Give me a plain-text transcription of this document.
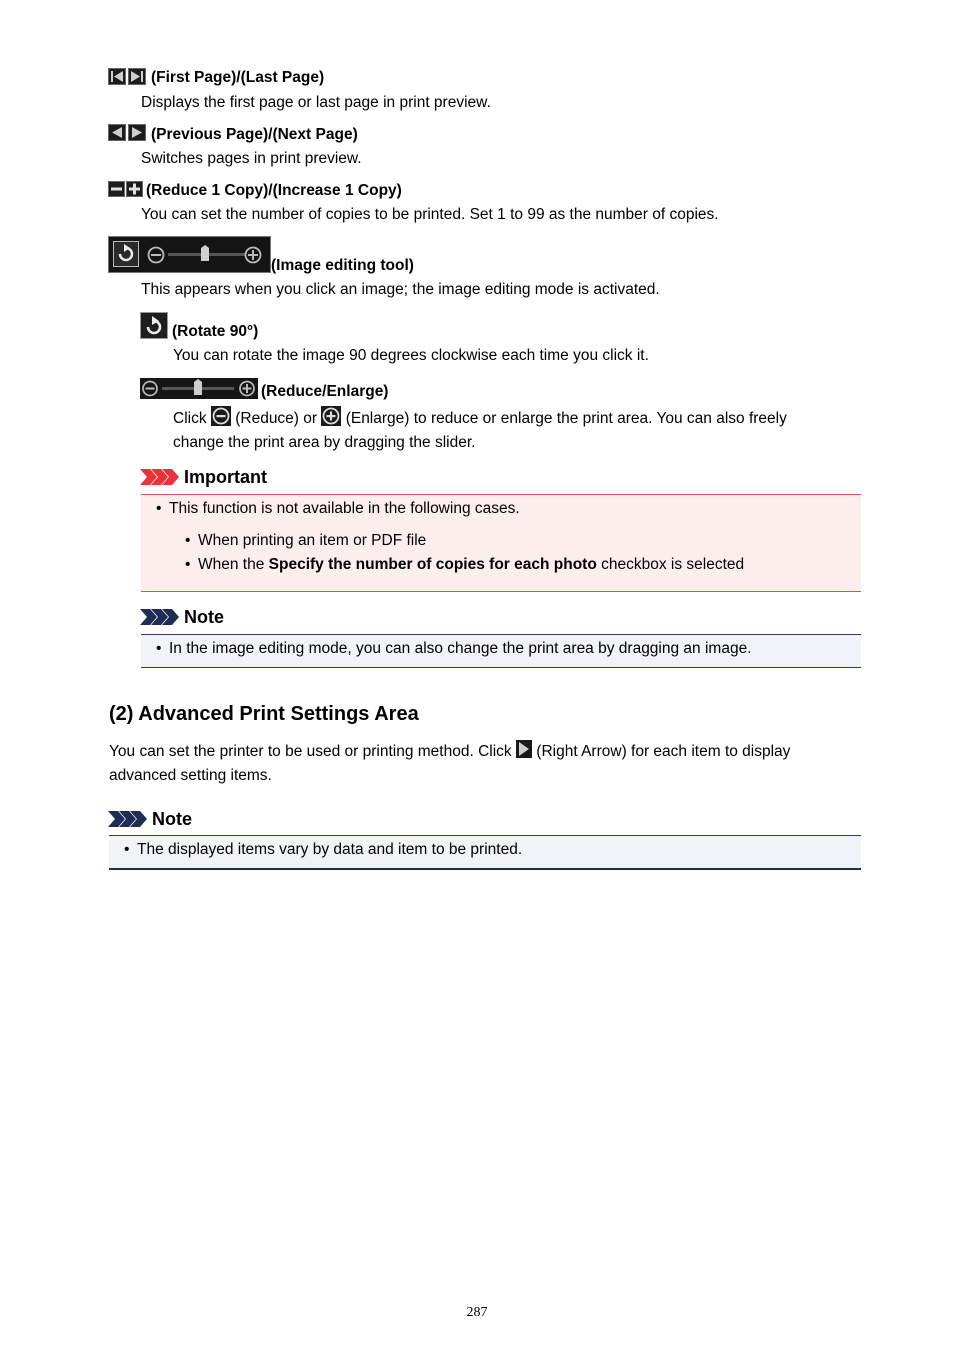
(First Page)/(Last Page)
Displays the first page or last page in print preview.
(Previous Page)/(Next Page)
Switches pages in print preview.
(Reduce 1 Copy)/(Increase 1 Copy)
You can set the number of copies to be printed. Set 1 to 99 as the number of copies.
(Image editing tool)
This appears when you click an image; the image editing mode is activated.
(Rotate 90°)
You can rotate the image 90 degrees clockwise each time you click it.
(Reduce/Enlarge)
Click (Reduce) or (Enlarge) to reduce or enlarge the print area. You can also freely
change the print area by dragging the slider.
Important
• This function is not available in the following cases.
• When printing an item or PDF file
• When the Specify the number of copies for each photo checkbox is selected
Note
• In the image editing mode, you can also change the print area by dragging an image.
(2) Advanced Print Settings Area
You can set the printer to be used or printing method. Click (Right Arrow) for each item to display
advanced setting items.
Note
• The displayed items vary by data and item to be printed.
287
